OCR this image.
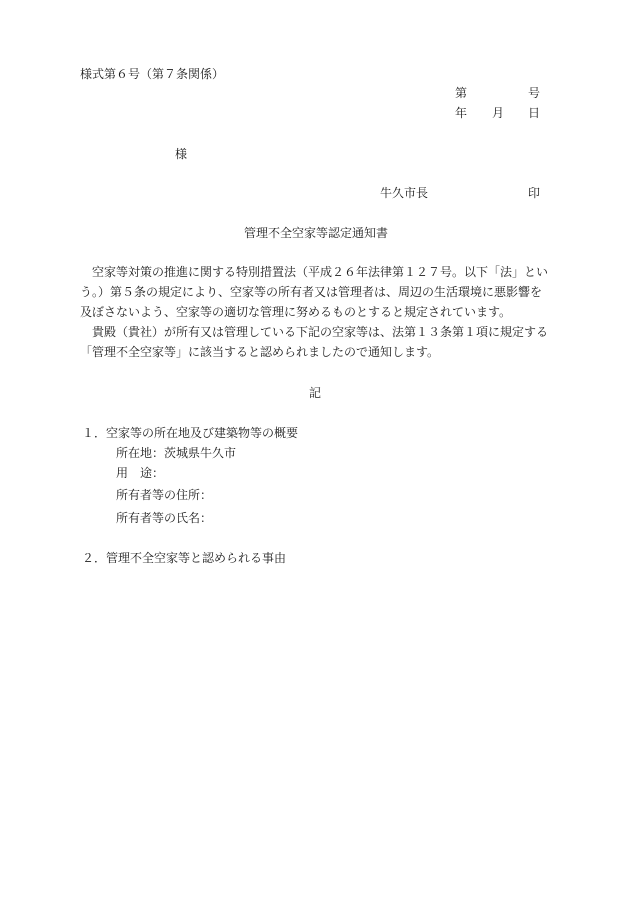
様式第６号（第７条関係）
第	号
年 月 日
様
牛久市長	印
管理不全空家等認定通知書
空家等対策の推進に関する特別措置法（平成２６年法律第１２７号。以下「法」という。）第５条の規定により、空家等の所有者又は管理者は、周辺の生活環境に悪影響を及ぼさないよう、空家等の適切な管理に努めるものとすると規定されています。
貴殿（貴社）が所有又は管理している下記の空家等は、法第１３条第１項に規定する「管理不全空家等」に該当すると認められましたので通知します。
記
１．空家等の所在地及び建築物等の概要
所在地：茨城県牛久市
用　途：
所有者等の住所：
所有者等の氏名：
２．管理不全空家等と認められる事由
